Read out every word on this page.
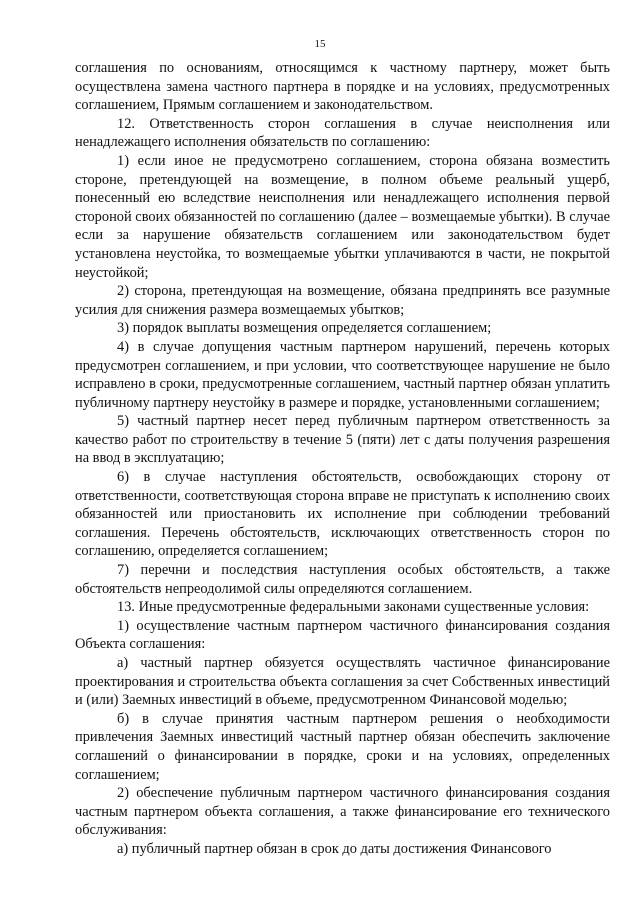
15

соглашения по основаниям, относящимся к частному партнеру, может быть осуществлена замена частного партнера в порядке и на условиях, предусмотренных соглашением, Прямым соглашением и законодательством.

12. Ответственность сторон соглашения в случае неисполнения или ненадлежащего исполнения обязательств по соглашению:

1) если иное не предусмотрено соглашением, сторона обязана возместить стороне, претендующей на возмещение, в полном объеме реальный ущерб, понесенный ею вследствие неисполнения или ненадлежащего исполнения первой стороной своих обязанностей по соглашению (далее – возмещаемые убытки). В случае если за нарушение обязательств соглашением или законодательством будет установлена неустойка, то возмещаемые убытки уплачиваются в части, не покрытой неустойкой;

2) сторона, претендующая на возмещение, обязана предпринять все разумные усилия для снижения размера возмещаемых убытков;

3) порядок выплаты возмещения определяется соглашением;

4) в случае допущения частным партнером нарушений, перечень которых предусмотрен соглашением, и при условии, что соответствующее нарушение не было исправлено в сроки, предусмотренные соглашением, частный партнер обязан уплатить публичному партнеру неустойку в размере и порядке, установленными соглашением;

5) частный партнер несет перед публичным партнером ответственность за качество работ по строительству в течение 5 (пяти) лет с даты получения разрешения на ввод в эксплуатацию;

6) в случае наступления обстоятельств, освобождающих сторону от ответственности, соответствующая сторона вправе не приступать к исполнению своих обязанностей или приостановить их исполнение при соблюдении требований соглашения. Перечень обстоятельств, исключающих ответственность сторон по соглашению, определяется соглашением;

7) перечни и последствия наступления особых обстоятельств, а также обстоятельств непреодолимой силы определяются соглашением.

13. Иные предусмотренные федеральными законами существенные условия:

1) осуществление частным партнером частичного финансирования создания Объекта соглашения:

а) частный партнер обязуется осуществлять частичное финансирование проектирования и строительства объекта соглашения за счет Собственных инвестиций и (или) Заемных инвестиций в объеме, предусмотренном Финансовой моделью;

б) в случае принятия частным партнером решения о необходимости привлечения Заемных инвестиций частный партнер обязан обеспечить заключение соглашений о финансировании в порядке, сроки и на условиях, определенных соглашением;

2) обеспечение публичным партнером частичного финансирования создания частным партнером объекта соглашения, а также финансирование его технического обслуживания:

а) публичный партнер обязан в срок до даты достижения Финансового
